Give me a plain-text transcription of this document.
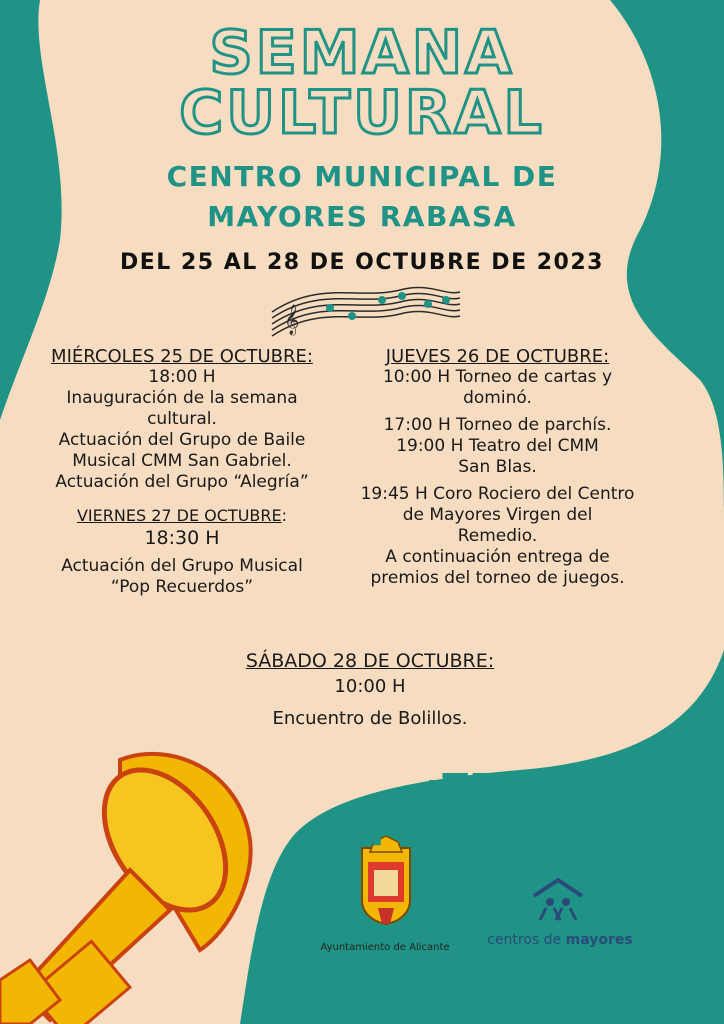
𝄞
SEMANA
CULTURAL
CENTRO MUNICIPAL DE
MAYORES RABASA
DEL 25 AL 28 DE OCTUBRE DE 2023
MIÉRCOLES 25 DE OCTUBRE:
18:00 H
Inauguración de la semana
cultural.
Actuación del Grupo de Baile
Musical CMM San Gabriel.
Actuación del Grupo “Alegría”
VIERNES 27 DE OCTUBRE:
18:30 H
Actuación del Grupo Musical
“Pop Recuerdos”
JUEVES 26 DE OCTUBRE:
10:00 H Torneo de cartas y
dominó.
17:00 H Torneo de parchís.
19:00 H Teatro del CMM
San Blas.
19:45 H Coro Rociero del Centro
de Mayores Virgen del
Remedio.
A continuación entrega de
premios del torneo de juegos.
SÁBADO 28 DE OCTUBRE:
10:00 H
Encuentro de Bolillos.
¡TE ESPERAMOS!
Ayuntamiento de Alicante	centros de mayores
